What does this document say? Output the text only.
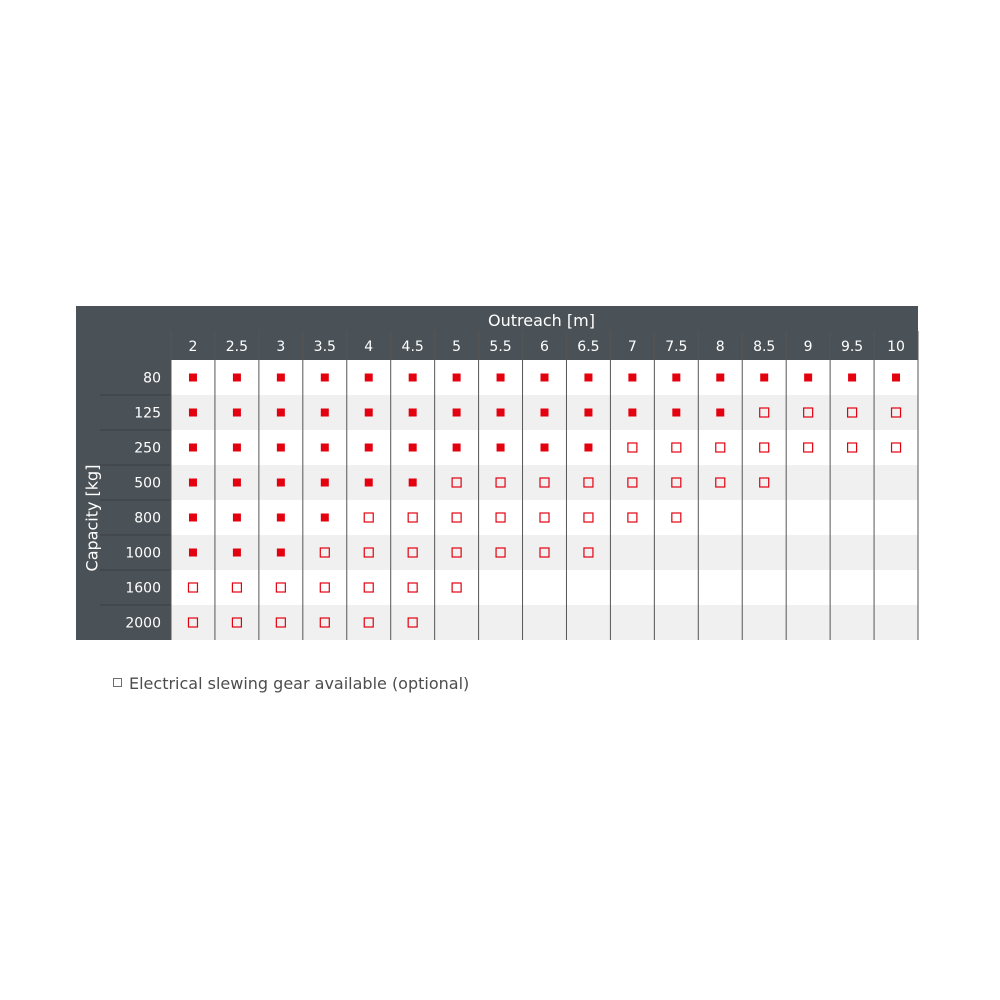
Outreach [m]
2 2.5 3 3.5 4 4.5 5 5.5 6 6.5 7 7.5 8 8.5 9 9.5 10
Capacity [kg]
80
125
250
500
800
1000
1600
2000
Electrical slewing gear available (optional)
